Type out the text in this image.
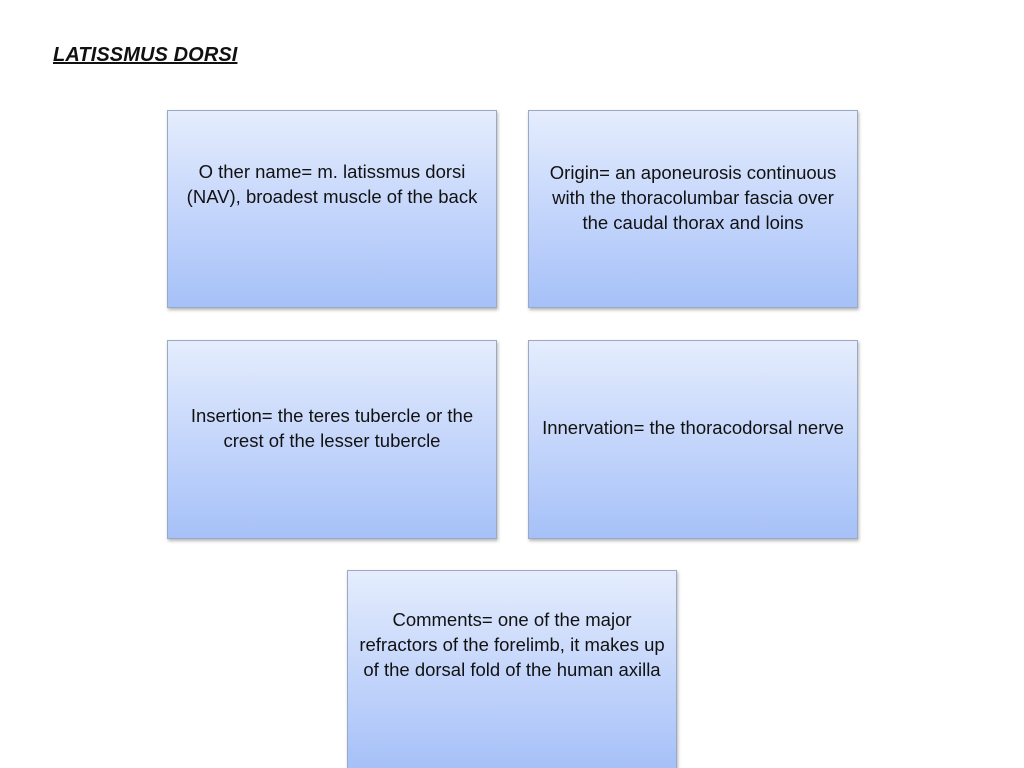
LATISSMUS DORSI
O ther name= m. latissmus dorsi (NAV), broadest muscle of the back
Origin= an aponeurosis continuous with the thoracolumbar fascia over the caudal thorax and loins
Insertion= the teres tubercle or the crest of the lesser tubercle
Innervation= the thoracodorsal nerve
Comments= one of the major refractors of the forelimb, it makes up of the dorsal fold of the human axilla
